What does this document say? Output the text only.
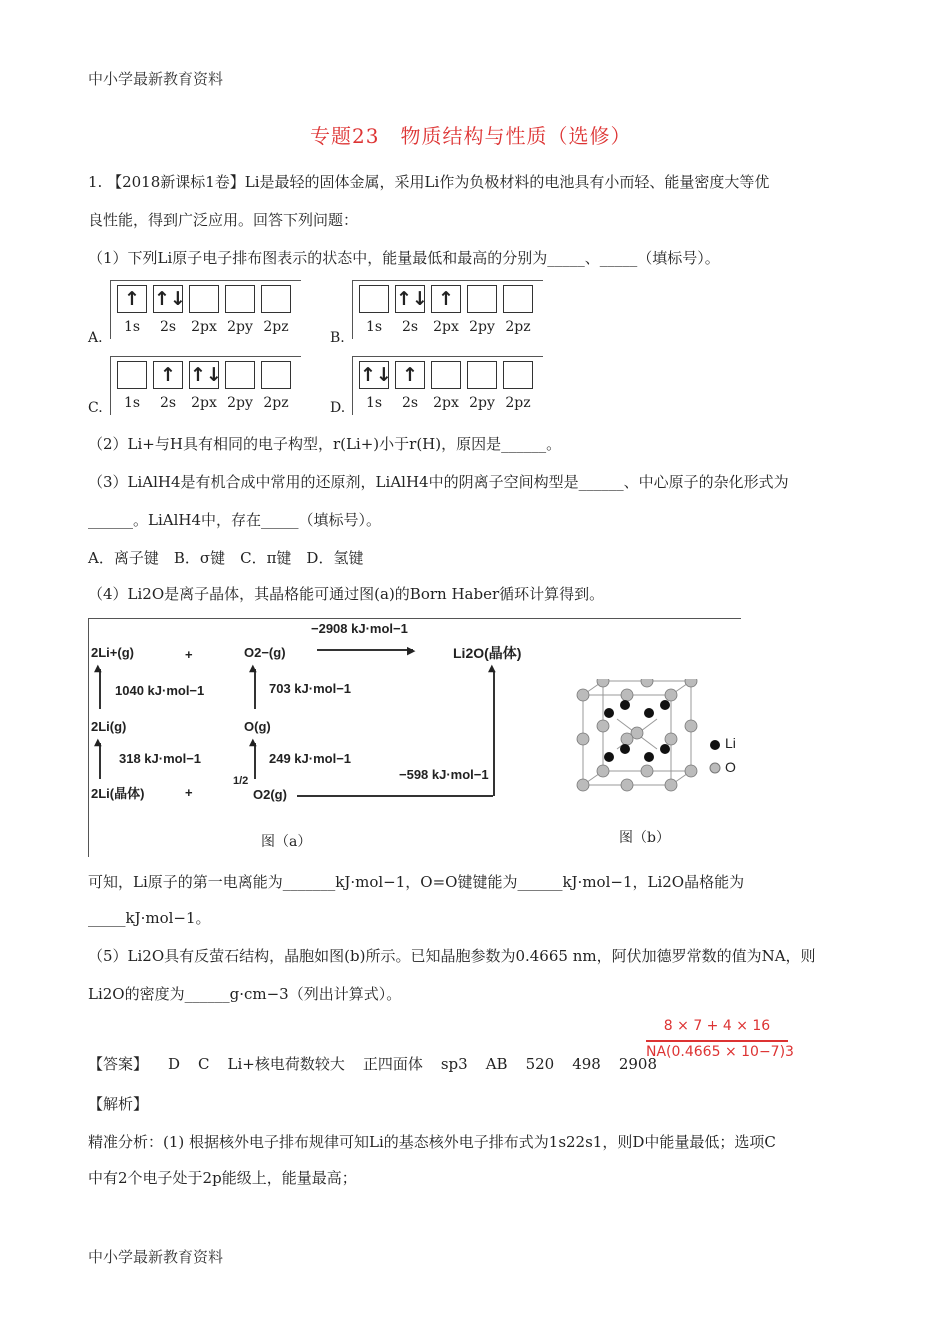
中小学最新教育资料
专题23　物质结构与性质（选修）
1. 【2018新课标1卷】Li是最轻的固体金属，采用Li作为负极材料的电池具有小而轻、能量密度大等优
良性能，得到广泛应用。回答下列问题：
（1）下列Li原子电子排布图表示的状态中，能量最低和最高的分别为_____、_____（填标号）。
A.
↑
1s
↑↓
2s	2px 2py 2pz
B.
1s
↑↓
2s
↑
2px 2py 2pz
C.	1s
↑
2s
↑↓
2px 2py 2pz	D.
↑↓
1s
↑
2s	2px 2py 2pz
（2）Li+与H具有相同的电子构型，r(Li+)小于r(H)，原因是______。
（3）LiAlH4是有机合成中常用的还原剂，LiAlH4中的阴离子空间构型是______、中心原子的杂化形式为
______。LiAlH4中，存在_____（填标号）。
A．离子键　B．σ键　C．π键　D．氢键
（4）Li2O是离子晶体，其晶格能可通过图(a)的Born Haber循环计算得到。
−2908 kJ·mol−1
▶
2Li+(g)	+	O2−(g)	Li2O(晶体)
▲
1040 kJ·mol−1
▲
703 kJ·mol−1
2Li(g)	O(g)
▲
318 kJ·mol−1
▲
249 kJ·mol−1
−598 kJ·mol−1
2Li(晶体)	+
1/2
O2(g)
▲
图（a）
Li
O
图（b）
可知，Li原子的第一电离能为_______kJ·mol−1，O=O键键能为______kJ·mol−1，Li2O晶格能为
_____kJ·mol−1。
（5）Li2O具有反萤石结构，晶胞如图(b)所示。已知晶胞参数为0.4665 nm，阿伏加德罗常数的值为NA，则
Li2O的密度为______g·cm−3（列出计算式）。
【答案】 D C Li+核电荷数较大 正四面体 sp3 AB 520 498 2908
8 × 7 + 4 × 16
NA(0.4665 × 10−7)3
【解析】
精准分析：(1) 根据核外电子排布规律可知Li的基态核外电子排布式为1s22s1，则D中能量最低；选项C
中有2个电子处于2p能级上，能量最高；
中小学最新教育资料
